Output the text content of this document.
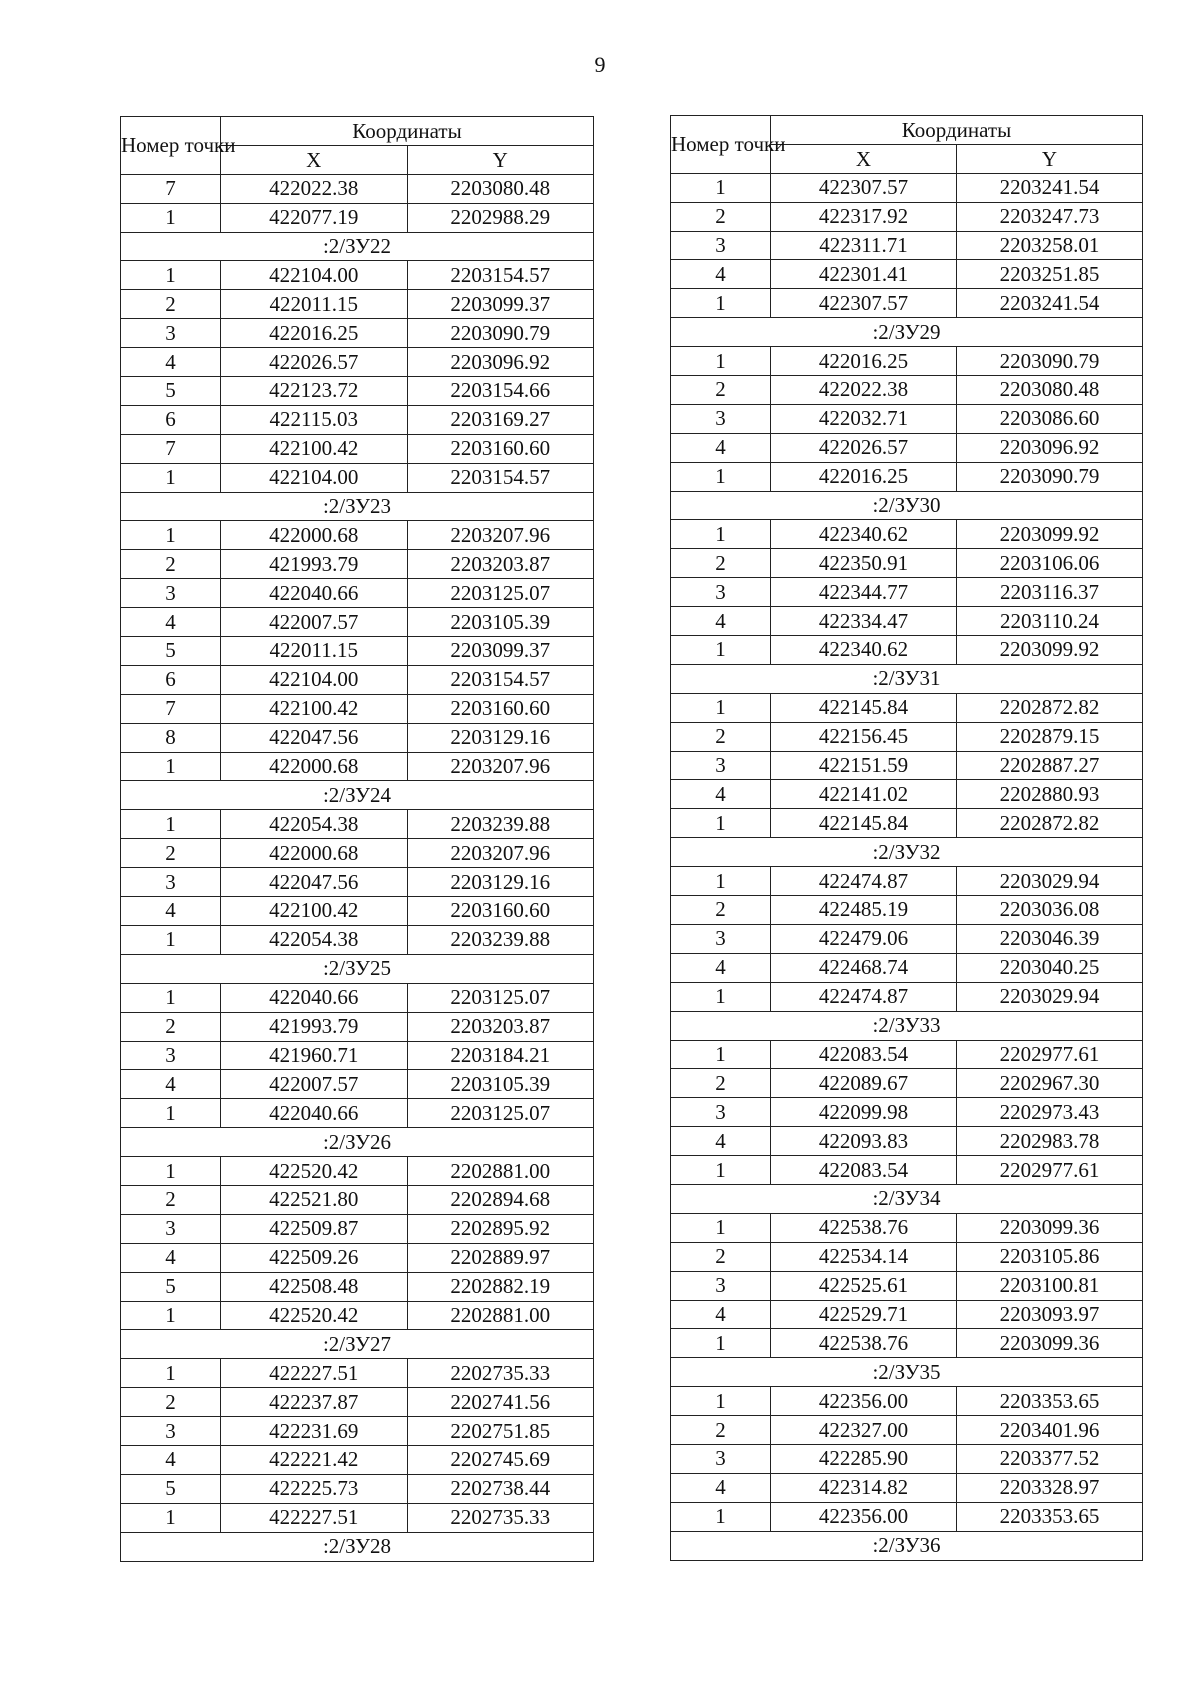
9
Номер точки	Координаты	
	X	Y
7	422022.38	2203080.48
1	422077.19	2202988.29
:2/ЗУ22		
1	422104.00	2203154.57
2	422011.15	2203099.37
3	422016.25	2203090.79
4	422026.57	2203096.92
5	422123.72	2203154.66
6	422115.03	2203169.27
7	422100.42	2203160.60
1	422104.00	2203154.57
:2/ЗУ23		
1	422000.68	2203207.96
2	421993.79	2203203.87
3	422040.66	2203125.07
4	422007.57	2203105.39
5	422011.15	2203099.37
6	422104.00	2203154.57
7	422100.42	2203160.60
8	422047.56	2203129.16
1	422000.68	2203207.96
:2/ЗУ24		
1	422054.38	2203239.88
2	422000.68	2203207.96
3	422047.56	2203129.16
4	422100.42	2203160.60
1	422054.38	2203239.88
:2/ЗУ25		
1	422040.66	2203125.07
2	421993.79	2203203.87
3	421960.71	2203184.21
4	422007.57	2203105.39
1	422040.66	2203125.07
:2/ЗУ26		
1	422520.42	2202881.00
2	422521.80	2202894.68
3	422509.87	2202895.92
4	422509.26	2202889.97
5	422508.48	2202882.19
1	422520.42	2202881.00
:2/ЗУ27		
1	422227.51	2202735.33
2	422237.87	2202741.56
3	422231.69	2202751.85
4	422221.42	2202745.69
5	422225.73	2202738.44
1	422227.51	2202735.33
:2/ЗУ28		
Номер точки	Координаты	
	X	Y
1	422307.57	2203241.54
2	422317.92	2203247.73
3	422311.71	2203258.01
4	422301.41	2203251.85
1	422307.57	2203241.54
:2/ЗУ29		
1	422016.25	2203090.79
2	422022.38	2203080.48
3	422032.71	2203086.60
4	422026.57	2203096.92
1	422016.25	2203090.79
:2/ЗУ30		
1	422340.62	2203099.92
2	422350.91	2203106.06
3	422344.77	2203116.37
4	422334.47	2203110.24
1	422340.62	2203099.92
:2/ЗУ31		
1	422145.84	2202872.82
2	422156.45	2202879.15
3	422151.59	2202887.27
4	422141.02	2202880.93
1	422145.84	2202872.82
:2/ЗУ32		
1	422474.87	2203029.94
2	422485.19	2203036.08
3	422479.06	2203046.39
4	422468.74	2203040.25
1	422474.87	2203029.94
:2/ЗУ33		
1	422083.54	2202977.61
2	422089.67	2202967.30
3	422099.98	2202973.43
4	422093.83	2202983.78
1	422083.54	2202977.61
:2/ЗУ34		
1	422538.76	2203099.36
2	422534.14	2203105.86
3	422525.61	2203100.81
4	422529.71	2203093.97
1	422538.76	2203099.36
:2/ЗУ35		
1	422356.00	2203353.65
2	422327.00	2203401.96
3	422285.90	2203377.52
4	422314.82	2203328.97
1	422356.00	2203353.65
:2/ЗУ36		
